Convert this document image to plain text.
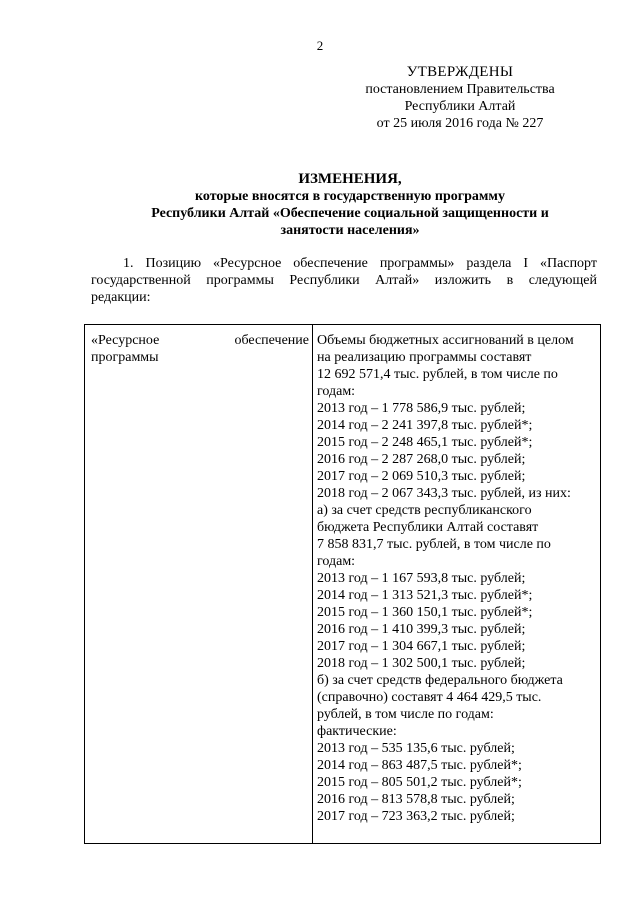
2
УТВЕРЖДЕНЫ
постановлением Правительства
Республики Алтай
от 25 июля 2016 года № 227
ИЗМЕНЕНИЯ,
которые вносятся в государственную программу
Республики Алтай «Обеспечение социальной защищенности и
занятости населения»
1. Позицию «Ресурсное обеспечение программы» раздела I «Паспорт
государственной программы Республики Алтай» изложить в следующей
редакции:
«Ресурсное	обеспечение
программы
Объемы бюджетных ассигнований в целом
на реализацию программы составят
12 692 571,4 тыс. рублей, в том числе по
годам:
2013 год – 1 778 586,9 тыс. рублей;
2014 год – 2 241 397,8 тыс. рублей*;
2015 год – 2 248 465,1 тыс. рублей*;
2016 год – 2 287 268,0 тыс. рублей;
2017 год – 2 069 510,3 тыс. рублей;
2018 год – 2 067 343,3 тыс. рублей, из них:
а) за счет средств республиканского
бюджета Республики Алтай составят
7 858 831,7 тыс. рублей, в том числе по
годам:
2013 год – 1 167 593,8 тыс. рублей;
2014 год – 1 313 521,3 тыс. рублей*;
2015 год – 1 360 150,1 тыс. рублей*;
2016 год – 1 410 399,3 тыс. рублей;
2017 год – 1 304 667,1 тыс. рублей;
2018 год – 1 302 500,1 тыс. рублей;
б) за счет средств федерального бюджета
(справочно) составят 4 464 429,5 тыс.
рублей, в том числе по годам:
фактические:
2013 год – 535 135,6 тыс. рублей;
2014 год – 863 487,5 тыс. рублей*;
2015 год – 805 501,2 тыс. рублей*;
2016 год – 813 578,8 тыс. рублей;
2017 год – 723 363,2 тыс. рублей;
